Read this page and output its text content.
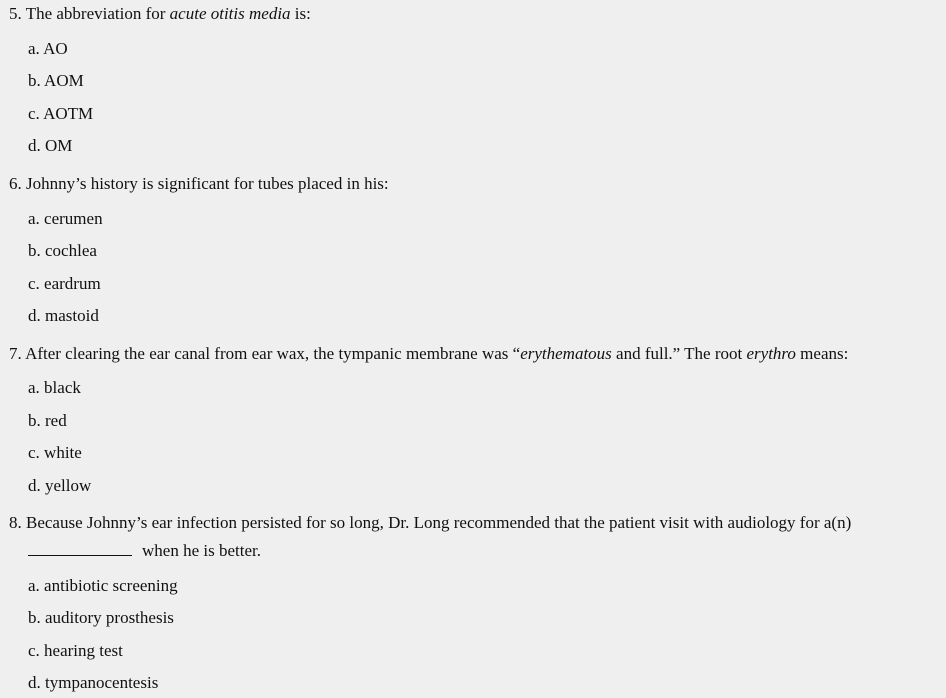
5. The abbreviation for acute otitis media is:
a. AO
b. AOM
c. AOTM
d. OM
6. Johnny’s history is significant for tubes placed in his:
a. cerumen
b. cochlea
c. eardrum
d. mastoid
7. After clearing the ear canal from ear wax, the tympanic membrane was “erythematous and full.” The root erythro means:
a. black
b. red
c. white
d. yellow
8. Because Johnny’s ear infection persisted for so long, Dr. Long recommended that the patient visit with audiology for a(n)
when he is better.
a. antibiotic screening
b. auditory prosthesis
c. hearing test
d. tympanocentesis
